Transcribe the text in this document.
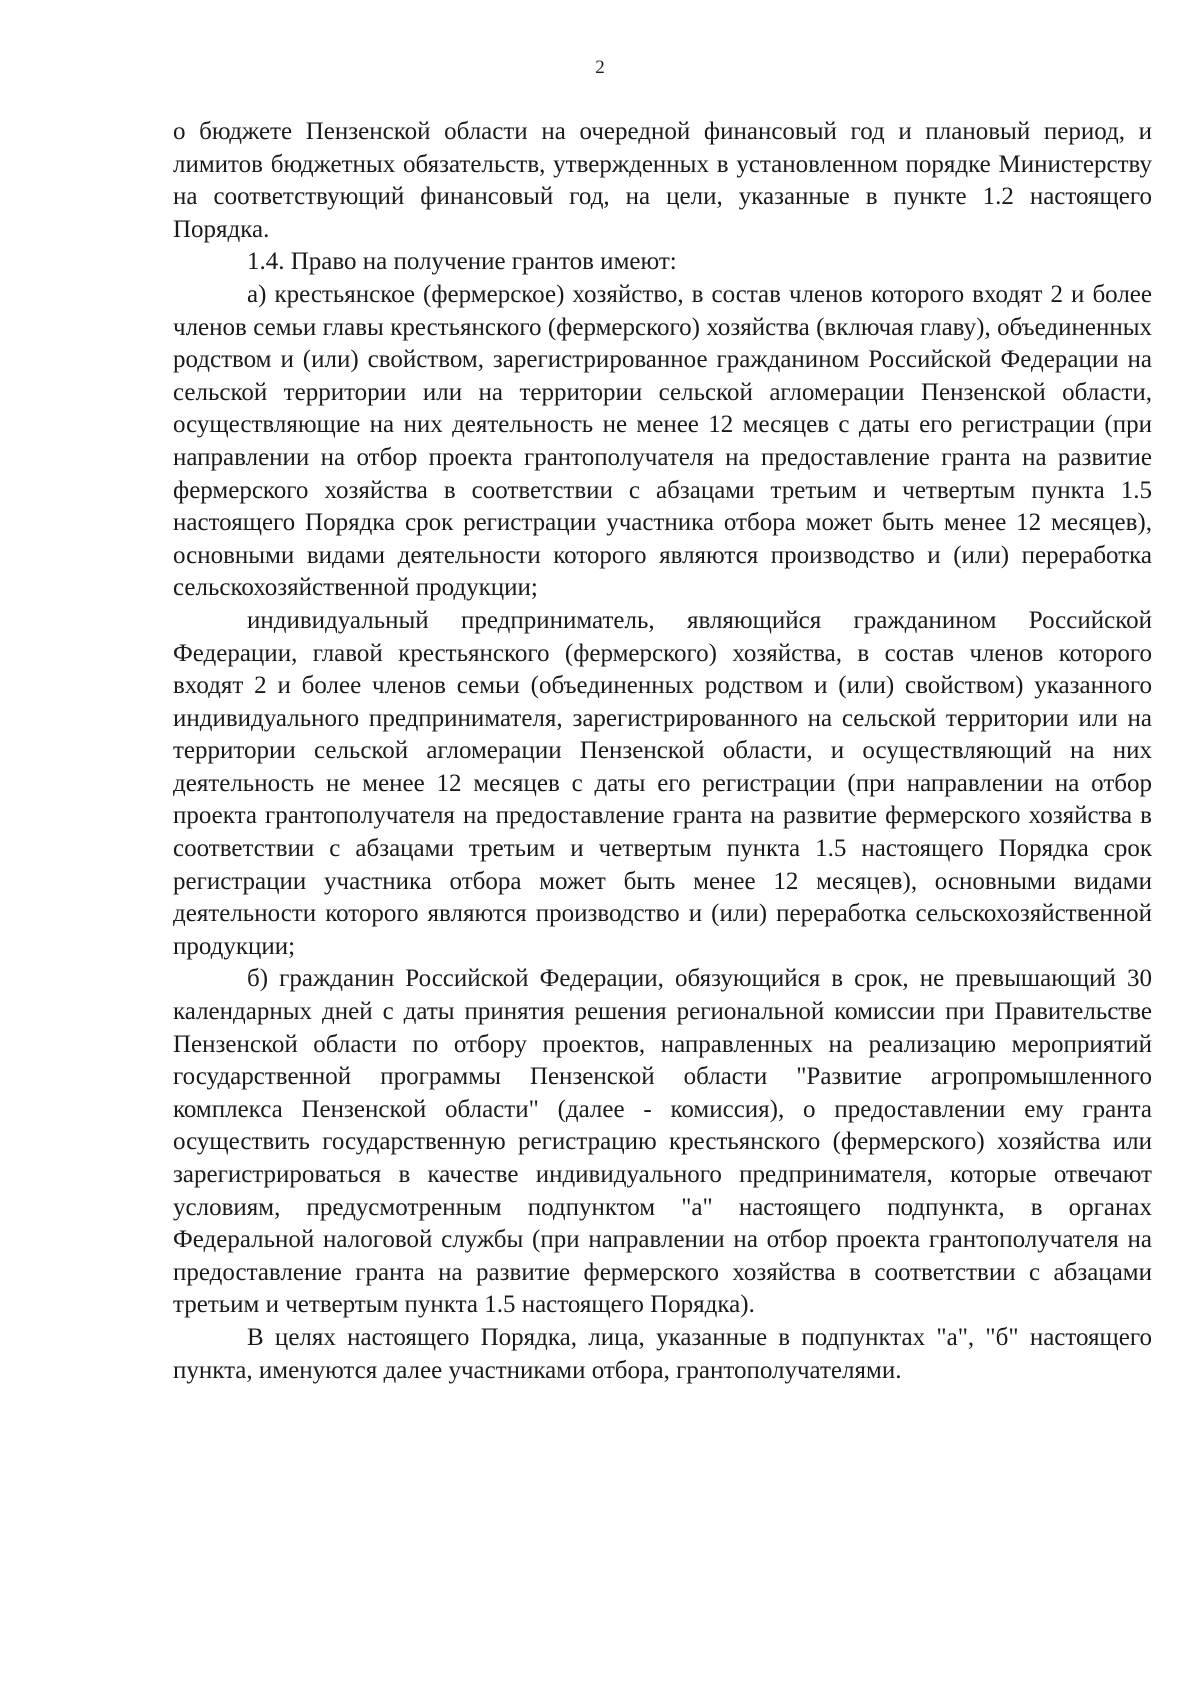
2

о бюджете Пензенской области на очередной финансовый год и плановый период, и лимитов бюджетных обязательств, утвержденных в установленном порядке Министерству на соответствующий финансовый год, на цели, указанные в пункте 1.2 настоящего Порядка.

1.4. Право на получение грантов имеют:

а) крестьянское (фермерское) хозяйство, в состав членов которого входят 2 и более членов семьи главы крестьянского (фермерского) хозяйства (включая главу), объединенных родством и (или) свойством, зарегистрированное гражданином Российской Федерации на сельской территории или на территории сельской агломерации Пензенской области, осуществляющие на них деятельность не менее 12 месяцев с даты его регистрации (при направлении на отбор проекта грантополучателя на предоставление гранта на развитие фермерского хозяйства в соответствии с абзацами третьим и четвертым пункта 1.5 настоящего Порядка срок регистрации участника отбора может быть менее 12 месяцев), основными видами деятельности которого являются производство и (или) переработка сельскохозяйственной продукции;

индивидуальный предприниматель, являющийся гражданином Российской Федерации, главой крестьянского (фермерского) хозяйства, в состав членов которого входят 2 и более членов семьи (объединенных родством и (или) свойством) указанного индивидуального предпринимателя, зарегистрированного на сельской территории или на территории сельской агломерации Пензенской области, и осуществляющий на них деятельность не менее 12 месяцев с даты его регистрации (при направлении на отбор проекта грантополучателя на предоставление гранта на развитие фермерского хозяйства в соответствии с абзацами третьим и четвертым пункта 1.5 настоящего Порядка срок регистрации участника отбора может быть менее 12 месяцев), основными видами деятельности которого являются производство и (или) переработка сельскохозяйственной продукции;

б) гражданин Российской Федерации, обязующийся в срок, не превышающий 30 календарных дней с даты принятия решения региональной комиссии при Правительстве Пензенской области по отбору проектов, направленных на реализацию мероприятий государственной программы Пензенской области "Развитие агропромышленного комплекса Пензенской области" (далее - комиссия), о предоставлении ему гранта осуществить государственную регистрацию крестьянского (фермерского) хозяйства или зарегистрироваться в качестве индивидуального предпринимателя, которые отвечают условиям, предусмотренным подпунктом "а" настоящего подпункта, в органах Федеральной налоговой службы (при направлении на отбор проекта грантополучателя на предоставление гранта на развитие фермерского хозяйства в соответствии с абзацами третьим и четвертым пункта 1.5 настоящего Порядка).

В целях настоящего Порядка, лица, указанные в подпунктах "а", "б" настоящего пункта, именуются далее участниками отбора, грантополучателями.
